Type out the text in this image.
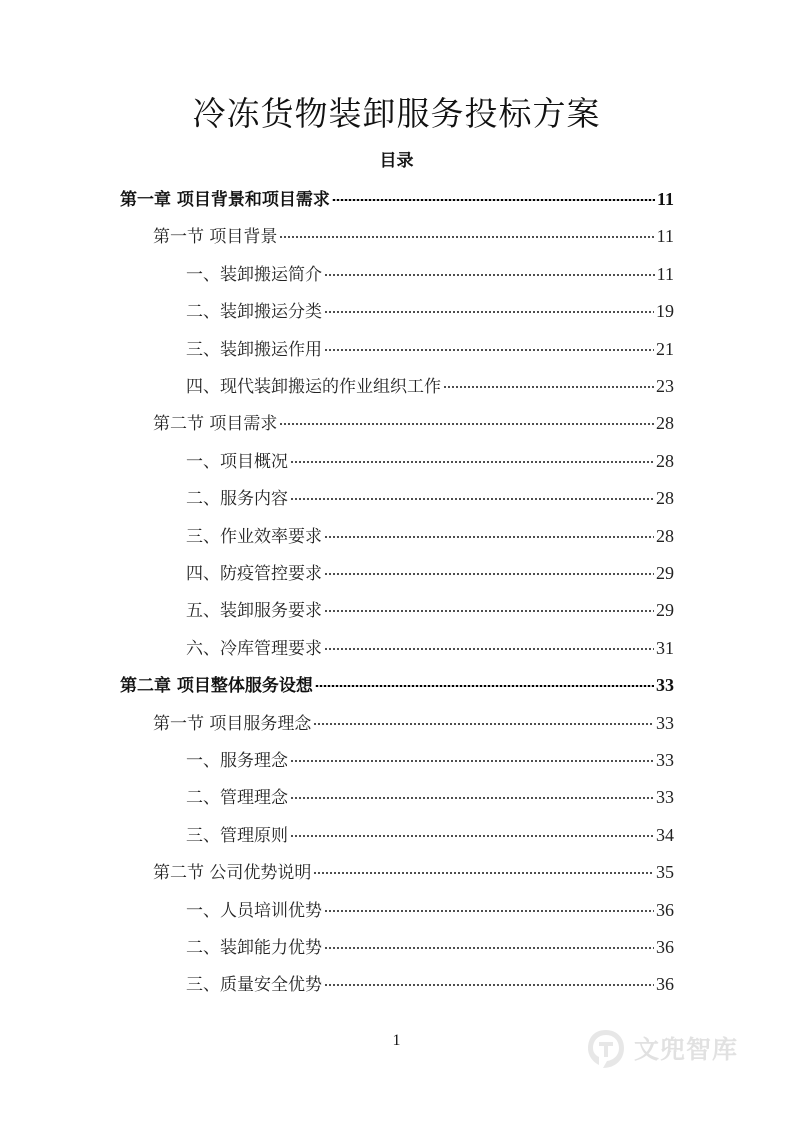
冷冻货物装卸服务投标方案
目录
第一章 项目背景和项目需求	11
第一节 项目背景	11
一、装卸搬运简介	11
二、装卸搬运分类	19
三、装卸搬运作用	21
四、现代装卸搬运的作业组织工作	23
第二节 项目需求	28
一、项目概况	28
二、服务内容	28
三、作业效率要求	28
四、防疫管控要求	29
五、装卸服务要求	29
六、冷库管理要求	31
第二章 项目整体服务设想	33
第一节 项目服务理念	33
一、服务理念	33
二、管理理念	33
三、管理原则	34
第二节 公司优势说明	35
一、人员培训优势	36
二、装卸能力优势	36
三、质量安全优势	36
1	文兜智库
